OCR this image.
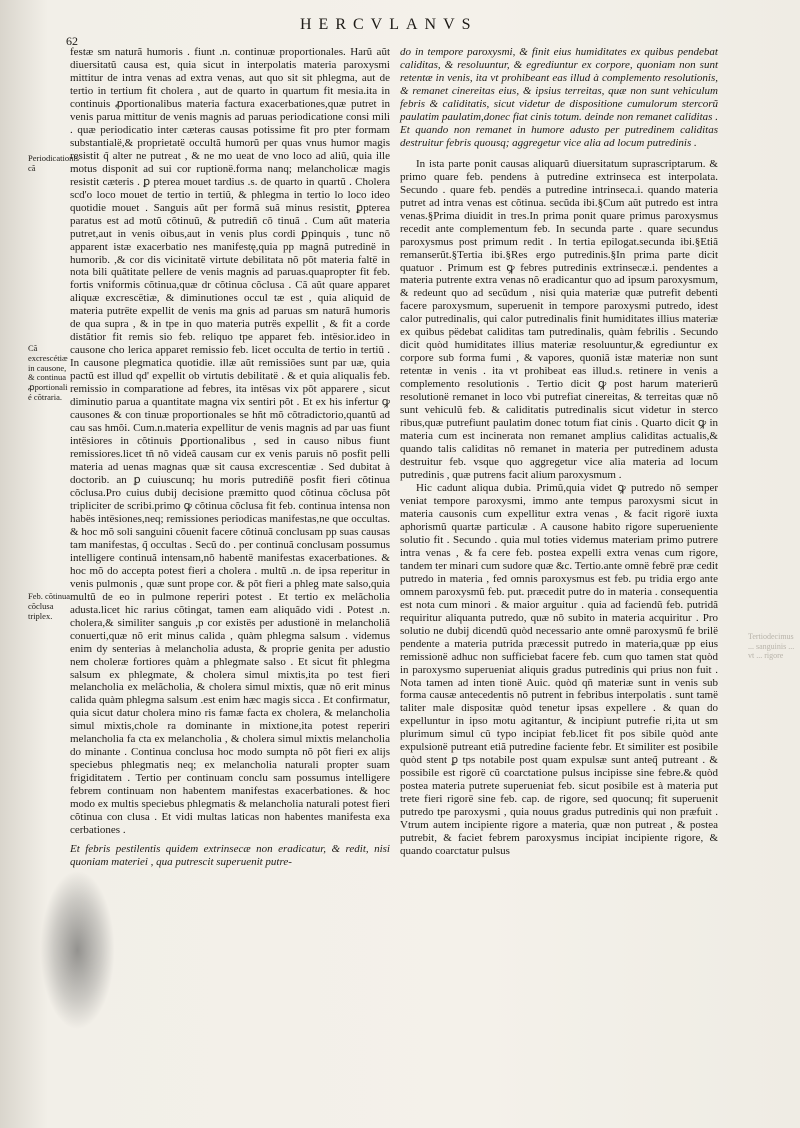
62
HERCVLANVS
Periodicationis cã
Cã excrescétiæ in causone, & continua ꝓportionali é cõtraria.
Feb. cõtinua cõclusa triplex.

festæ sm naturã humoris . fiunt .n. continuæ proportionales. Harũ aũt diuersitatũ causa est, quia sicut in interpolatis materia paroxysmi mittitur de intra venas ad extra venas, aut quo sit sit phlegma, aut de tertio in tertium fit cholera , aut de quarto in quartum fit mesia.ita in continuis ꝓportionalibus materia factura exacerbationes,quæ putret in venis parua mittitur de venis magnis ad paruas periodicatione consi mili . quæ periodicatio inter cæteras causas potissime fit pro pter formam substantialë,& proprietatë occultã humorũ per quas vnus humor magis resistit q̃ alter ne putreat , & ne mo ueat de vno loco ad aliũ, quia ille motus disponit ad sui cor ruptionë.forma nanq; melancholicæ magis resistit cæteris . ꝑ pterea mouet tardius .s. de quarto in quartũ . Cholera scd'o loco mouet de tertio in tertiũ, & phlegma in tertio lo loco ideo quotidie mouet . Sanguis aũt per formã suã minus resistit, ꝑpterea paratus est ad motũ cõtinuũ, & putrediñ cõ tinuã . Cum aũt materia putret,aut in venis oibus,aut in venis plus cordi ꝑpinquis , tunc nõ apparent istæ exacerbatio nes manifestę,quia pp magnã putredinë in humorib. ,& cor dis vicinitatë virtute debilitata nõ põt materia faltë in nota bili quãtitate pellere de venis magnis ad paruas.quapropter fit feb. fortis vniformis cõtinua,quæ dr cõtinua cõclusa . Cã aũt quare apparet aliquæ excrescëtiæ, & diminutiones occul tæ est , quia aliquid de materia putrëte expellit de venis ma gnis ad paruas sm naturã humoris de qua supra , & in tpe in quo materia putrës expellit , & fit a corde distãtior fit remis sio feb. reliquo tpe apparet feb. intësior.ideo in causone cho lerica apparet remissio feb. licet occulta de tertio in tertiũ . In causone plegmatica quotidie. illæ aũt remissiões sunt par uæ, quia pactũ est illud qd' expellit ob virtutis debilitatë . & et quia aliqualis feb. remissio in comparatione ad febres, ita intësas vix põt apparere , sicut diminutio parua a quantitate magna vix sentiri põt . Et ex his infertur ꝙ causones & con tinuæ proportionales se hñt mõ cõtradictorio,quantũ ad cau sas hmõi. Cum.n.materia expellitur de venis magnis ad par uas fiunt intësiores in cõtinuis ꝑportionalibus , sed in causo nibus fiunt remissiores.licet tñ nõ videã causam cur ex venis paruis nõ posfit pelli materia ad uenas magnas quæ sit causa excrescentiæ . Sed dubitat à doctorib. an ꝑ cuiuscunq; hu moris putrediñë posfit fieri cõtinua cõclusa.Pro cuius dubij decisione præmitto quod cõtinua cõclusa põt tripliciter de scribi.primo ꝙ cõtinua cõclusa fit feb. continua intensa non habës intësiones,neq; remissiones periodicas manifestas,ne que occultas. & hoc mõ soli sanguini cõuenit facere cõtinuã conclusam pp suas causas tam manifestas, q̃ occultas . Secũ do . per continuã conclusam possumus intelligere continuã intensam,nõ habentë manifestas exacerbationes. & hoc mõ do accepta potest fieri a cholera . multũ .n. de ipsa reperitur in venis pulmonis , quæ sunt prope cor. & põt fieri a phleg mate salso,quia multũ de eo in pulmone reperiri potest . Et tertio ex melãcholia adusta.licet hic rarius cõtingat, tamen eam aliquãdo vidi . Potest .n. cholera,& similiter sanguis ,p cor existës per adustionë in melancholiã conuerti,quæ nõ erit minus calida , quàm phlegma salsum . videmus enim dy senterias à melancholia adusta, & proprie genita per adustio nem choleræ fortiores quàm a phlegmate salso . Et sicut fit phlegma salsum ex phlegmate, & cholera simul mixtis,ita po test fieri melancholia ex melãcholia, & cholera simul mixtis, quæ nõ erit minus calida quàm phlegma salsum .est enim hæc magis sicca . Et confirmatur, quia sicut datur cholera mino ris famæ facta ex cholera, & melancholia simul mixtis,chole ra dominante in mixtione,ita potest reperiri melancholia fa cta ex melancholia , & cholera simul mixtis melancholia do minante . Continua conclusa hoc modo sumpta nõ põt fieri ex alijs speciebus phlegmatis neq; ex melancholia naturali propter suam frigiditatem . Tertio per continuam conclu sam possumus intelligere febrem continuam non habentem manifestas exacerbationes. & hoc modo ex multis speciebus phlegmatis & melancholia naturali potest fieri cõtinua con clusa . Et vidi multas laticas non habentes manifesta exa cerbationes .

Et febris pestilentis quidem extrinsecæ non eradicatur, & redit, nisi quoniam materiei , qua putrescit superuenit putre-

do in tempore paroxysmi, & finit eius humiditates ex quibus pendebat caliditas, & resoluuntur, & egrediuntur ex corpore, quoniam non sunt retentæ in venis, ita vt prohibeant eas illud à complemento resolutionis, & remanet cinereitas eius, & ipsius terreitas, quæ non sunt vehiculum febris & caliditatis, sicut videtur de dispositione cumulorum stercorũ paulatim paulatim,donec fiat cinis totum. deinde non remanet caliditas . Et quando non remanet in humore adusto per putredinem caliditas destruitur febris quousq; aggregetur vice alia ad locum putredinis .

In ista parte ponit causas aliquarũ diuersitatum suprascriptarum. & primo quare feb. pendens à putredine extrinseca est interpolata. Secundo . quare feb. pendës a putredine intrinseca.i. quando materia putret ad intra venas est cõtinua. secũda ibi.§Cum aũt putredo est intra venas.§Prima diuidit in tres.In prima ponit quare primus paroxysmus recedit ante complementum feb. In secunda parte . quare secundus paroxysmus post primum redit . In tertia epilogat.secunda ibi.§Etiã remanserũt.§Tertia ibi.§Res ergo putredinis.§In prima parte dicit quatuor . Primum est ꝙ febres putredinis extrinsecæ.i. pendentes a materia putrente extra venas nõ eradicantur quo ad ipsum paroxysmum, & redeunt quo ad secũdum , nisi quia materiæ quæ putrefit debenti facere paroxysmum, superuenit in tempore paroxysmi putredo, idest calor putredinalis, qui calor putredinalis finit humiditates illius materiæ ex quibus pëdebat caliditas tam putredinalis, quàm febrilis . Secundo dicit quòd humiditates illius materiæ resoluuntur,& egrediuntur ex corpore sub forma fumi , & vapores, quoniã istæ materiæ non sunt retentæ in venis . ita vt prohibeat eas illud.s. retinere in venis a complemento resolutionis . Tertio dicit ꝙ post harum materierũ resolutionë remanet in loco vbi putrefiat cinereitas, & terreitas quæ nõ sunt vehiculũ feb. & caliditatis putredinalis sicut videtur in sterco ribus,quæ putrefiunt paulatim donec totum fiat cinis . Quarto dicit ꝙ in materia cum est incinerata non remanet amplius caliditas actualis,& quando talis caliditas nõ remanet in materia per putredinem adusta destruitur feb. vsque quo aggregetur vice alia materia ad locum putredinis , quæ putrens facit alium paroxysmum .

Hic cadunt aliqua dubia. Primũ,quia videt ꝙ putredo nõ semper veniat tempore paroxysmi, immo ante tempus paroxysmi sicut in materia causonis cum expellitur extra venas , & facit rigorë iuxta aphorismũ quartæ particulæ . A causone habito rigore superueniente solutio fit . Secundo . quia mul toties videmus materiam primo putrere intra venas , & fa cere feb. postea expelli extra venas cum rigore, tandem ter minari cum sudore quæ &c. Tertio.ante omnë febrë præ cedit putredo in materia , fed omnis paroxysmus est feb. pu tridia ergo ante omnem paroxysmũ feb. put. præcedit putre do in materia . consequentia est nota cum minori . & maior arguitur . quia ad faciendũ feb. putridã requiritur aliquanta putredo, quæ nõ subito in materia acquiritur . Pro solutio ne dubij dicendũ quòd necessario ante omnë paroxysmũ fe brilë pendente a materia putrida præcessit putredo in materia,quæ pp eius remissionë adhuc non sufficiebat facere feb. cum quo tamen stat quòd in paroxysmo superueniat aliquis gradus putredinis qui prius non fuit . Nota tamen ad inten tionë Auic. quòd qñ materiæ sunt in venis sub forma causæ antecedentis nõ putrent in febribus interpolatis . sunt tamë taliter male dispositæ quòd tenetur ipsas expellere . & quan do expelluntur in ipso motu agitantur, & incipiunt putrefie ri,ita ut sm plurimum simul cũ typo incipiat feb.licet fit pos sibile quòd ante expulsionë putreant etiã putredine faciente febr. Et similiter est posibile quòd stent ꝑ tps notabile post quam expulsæ sunt anteq̃ putreant . & possibile est rigorë cũ coarctatione pulsus incipisse sine febre.& quòd postea materia putrete superueniat feb. sicut posibile est à materia put trete fieri rigorë sine feb. cap. de rigore, sed quocunq; fit superuenit putredo tpe paroxysmi , quia nouus gradus putredinis qui non præfuit . Vtrum autem incipiente rigore a materia, quæ non putreat , & postea putrebit, & faciet febrem paroxysmus incipiat incipiente rigore, & quando coarctatur pulsus

Tertiodecimus ... sanguinis ... vt ... rigore
